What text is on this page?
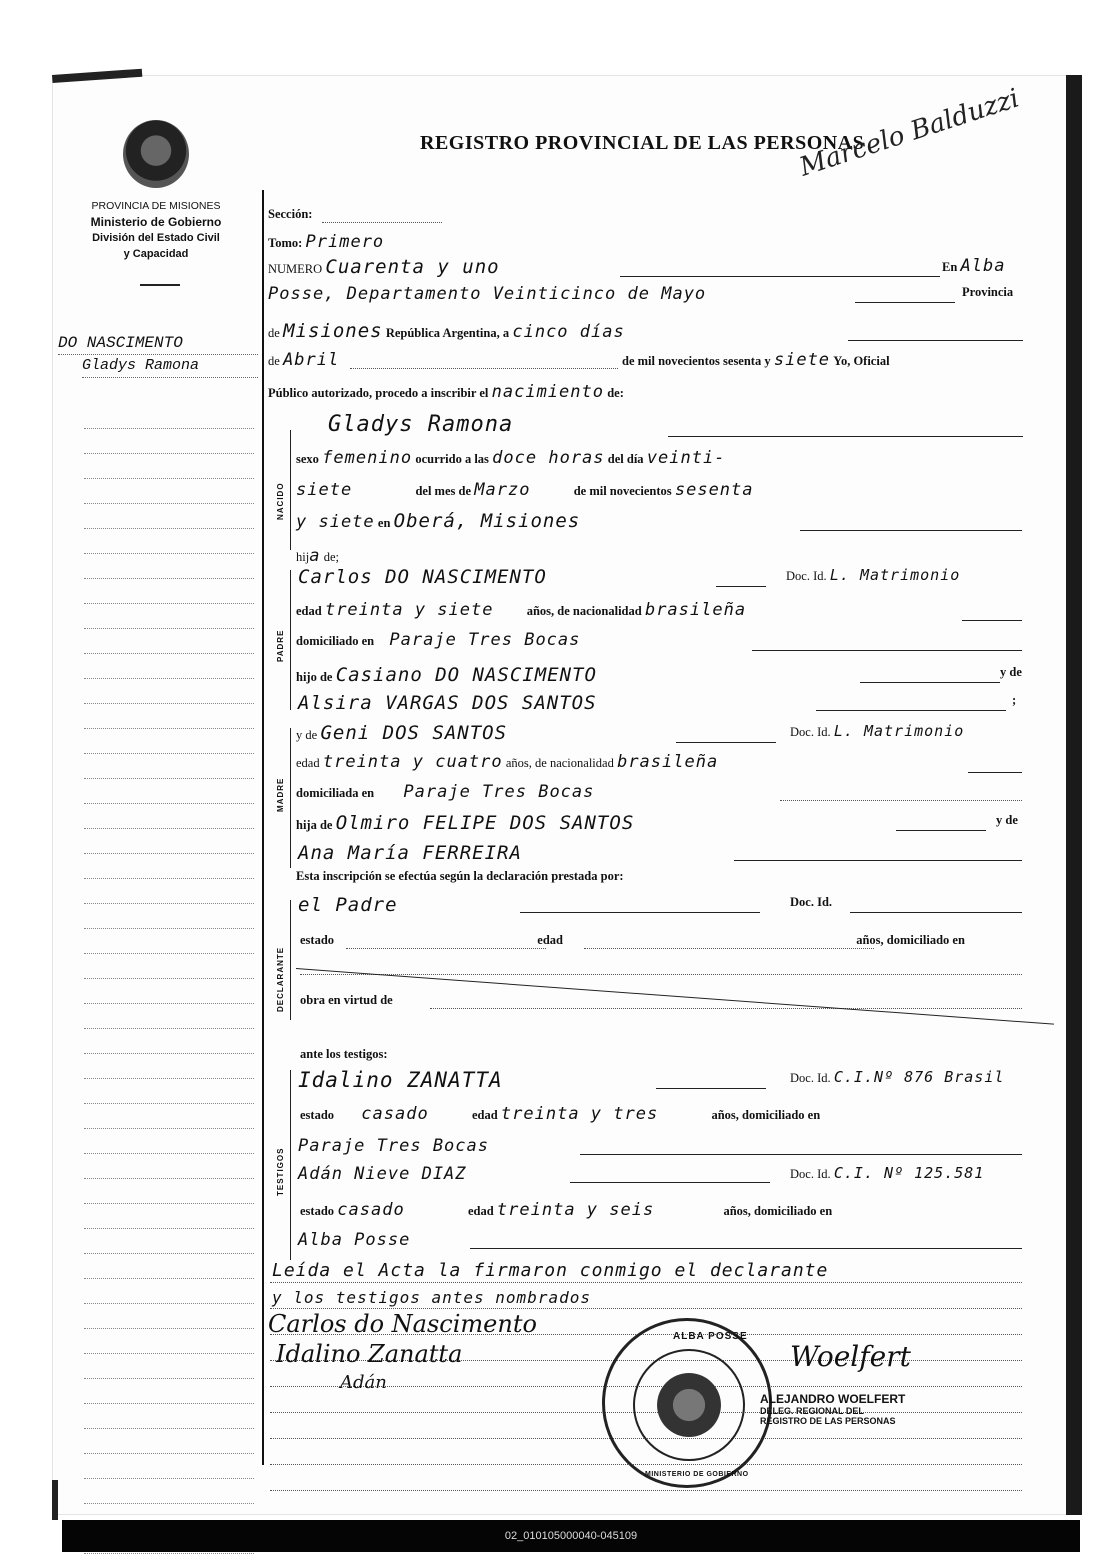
PROVINCIA DE MISIONES
Ministerio de Gobierno
División del Estado Civil
y Capacidad
REGISTRO PROVINCIAL DE LAS PERSONAS
Marcelo Balduzzi
DO NASCIMENTO
Gladys Ramona
Sección:
Tomo: Primero
NUMERO Cuarenta y uno	En Alba
Posse, Departamento Veinticinco de Mayo	Provincia
de Misiones República Argentina, a cinco días
de Abril	de mil novecientos sesenta y siete Yo, Oficial
Público autorizado, procedo a inscribir el nacimiento de:
NACIDO
Gladys Ramona
sexo femenino ocurrido a las doce horas del día veinti-
siete	del mes de Marzo	de mil novecientos sesenta
y siete en Oberá, Misiones
hija de;
PADRE
Carlos DO NASCIMENTO	Doc. Id. L. Matrimonio
edad treinta y siete	años, de nacionalidad brasileña
domiciliado en Paraje Tres Bocas
hijo de Casiano DO NASCIMENTO	y de
Alsira VARGAS DOS SANTOS	;
MADRE
y de Geni DOS SANTOS	Doc. Id. L. Matrimonio
edad treinta y cuatro años, de nacionalidad brasileña
domiciliada en Paraje Tres Bocas
hija de Olmiro FELIPE DOS SANTOS	y de
Ana María FERREIRA
Esta inscripción se efectúa según la declaración prestada por:
DECLARANTE
el Padre	Doc. Id.
estado	edad	años, domiciliado en
obra en virtud de
ante los testigos:
TESTIGOS
Idalino ZANATTA	Doc. Id. C.I.Nº 876 Brasil
estado casado	edad treinta y tres	años, domiciliado en
Paraje Tres Bocas
Adán Nieve DIAZ	Doc. Id. C.I. Nº 125.581
estado casado	edad treinta y seis	años, domiciliado en
Alba Posse
Leída el Acta la firmaron conmigo el declarante
y los testigos antes nombrados
Carlos do Nascimento
Idalino Zanatta
Adán
ALBA POSSE
MINISTERIO DE GOBIERNO
Woelfert
ALEJANDRO WOELFERT
DELEG. REGIONAL DEL
REGISTRO DE LAS PERSONAS
02_010105000040-045109
